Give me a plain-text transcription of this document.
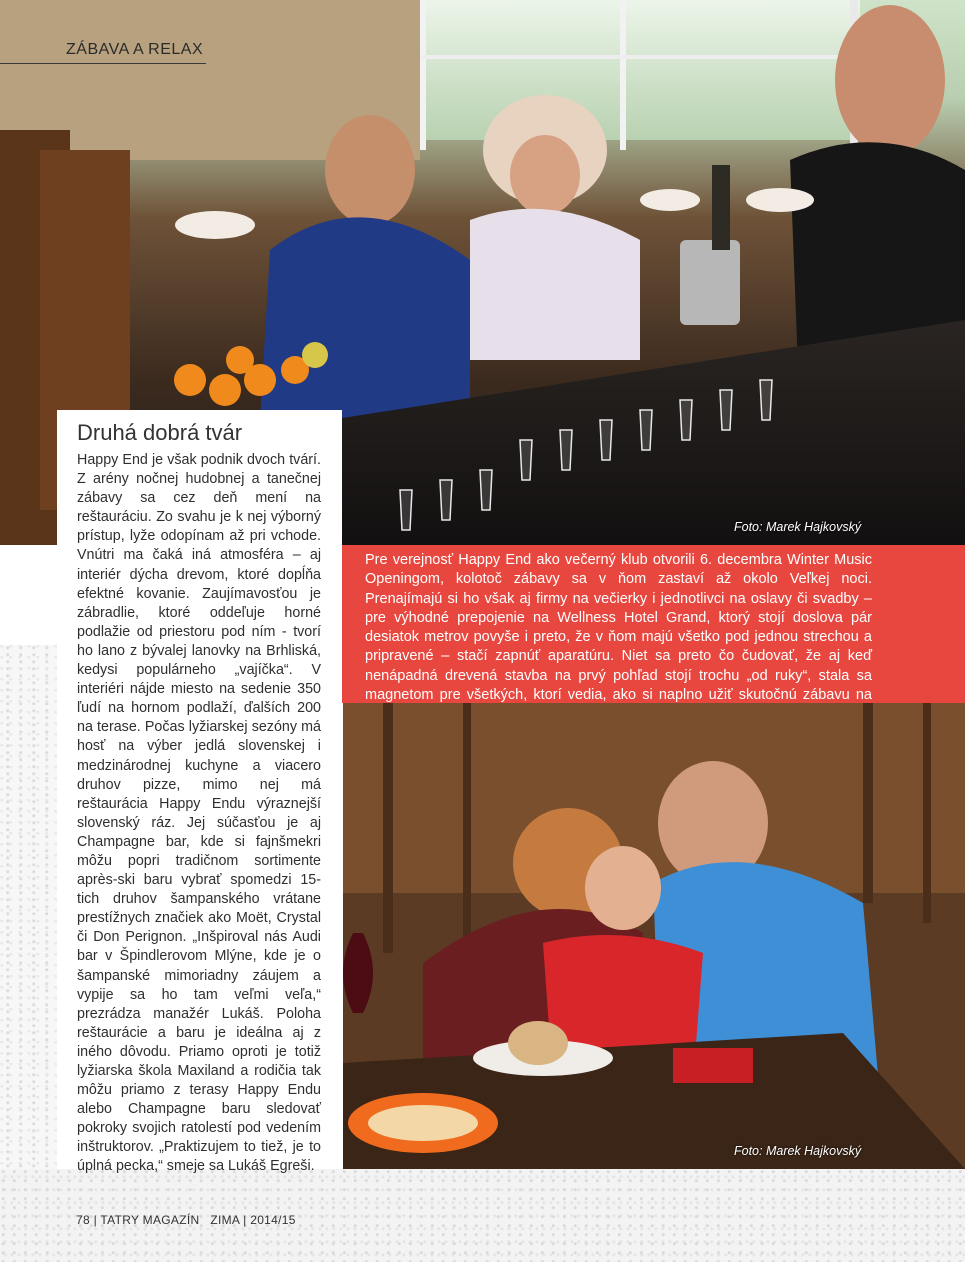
ZÁBAVA A RELAX
Druhá dobrá tvár
Happy End je však podnik dvoch tvárí. Z arény nočnej hudobnej a tanečnej zábavy sa cez deň mení na reštauráciu. Zo svahu je k nej výborný prístup, lyže odopínam až pri vchode. Vnútri ma čaká iná atmosféra – aj interiér dýcha drevom, ktoré dopĺňa efektné kovanie. Zaujímavosťou je zábradlie, ktoré oddeľuje horné podlažie od priestoru pod ním - tvorí ho lano z bývalej lanovky na Brhliská, kedysi populárneho „vajíčka“. V interiéri nájde miesto na sedenie 350 ľudí na hornom podlaží, ďalších 200 na terase. Počas lyžiarskej sezóny má hosť na výber jedlá slovenskej i medzinárodnej kuchyne a viacero druhov pizze, mimo nej má reštaurácia Happy Endu výraznejší slovenský ráz. Jej súčasťou je aj Champagne bar, kde si fajnšmekri môžu popri tradičnom sortimente après-ski baru vybrať spomedzi 15-tich druhov šampanského vrátane prestížnych značiek ako Moët, Crystal či Don Perignon. „Inšpiroval nás Audi bar v Špindlerovom Mlýne, kde je o šampanské mimoriadny záujem a vypije sa ho tam veľmi veľa,“ prezrádza manažér Lukáš. Poloha reštaurácie a baru je ideálna aj z iného dôvodu. Priamo oproti je totiž lyžiarska škola Maxiland a rodičia tak môžu priamo z terasy Happy Endu alebo Champagne baru sledovať pokroky svojich ratolestí pod vedením inštruktorov. „Praktizujem to tiež, je to úplná pecka,“ smeje sa Lukáš Egreši.
Pre verejnosť Happy End ako večerný klub otvorili 6. decembra Winter Music Openingom, kolotoč zábavy sa v ňom zastaví až okolo Veľkej noci. Prenajímajú si ho však aj firmy na večierky i jednotlivci na oslavy či svadby – pre výhodné prepojenie na Wellness Hotel Grand, ktorý stojí doslova pár desiatok metrov povyše i preto, že v ňom majú všetko pod jednou strechou a pripravené – stačí zapnúť aparatúru. Niet sa preto čo čudovať, že aj keď nenápadná drevená stavba na prvý pohľad stojí trochu „od ruky“, stala sa magnetom pre všetkých, ktorí vedia, ako si naplno užiť skutočnú zábavu na
Foto: Marek Hajkovský
Foto: Marek Hajkovský
78 | TATRY MAGAZÍN   ZIMA | 2014/15
